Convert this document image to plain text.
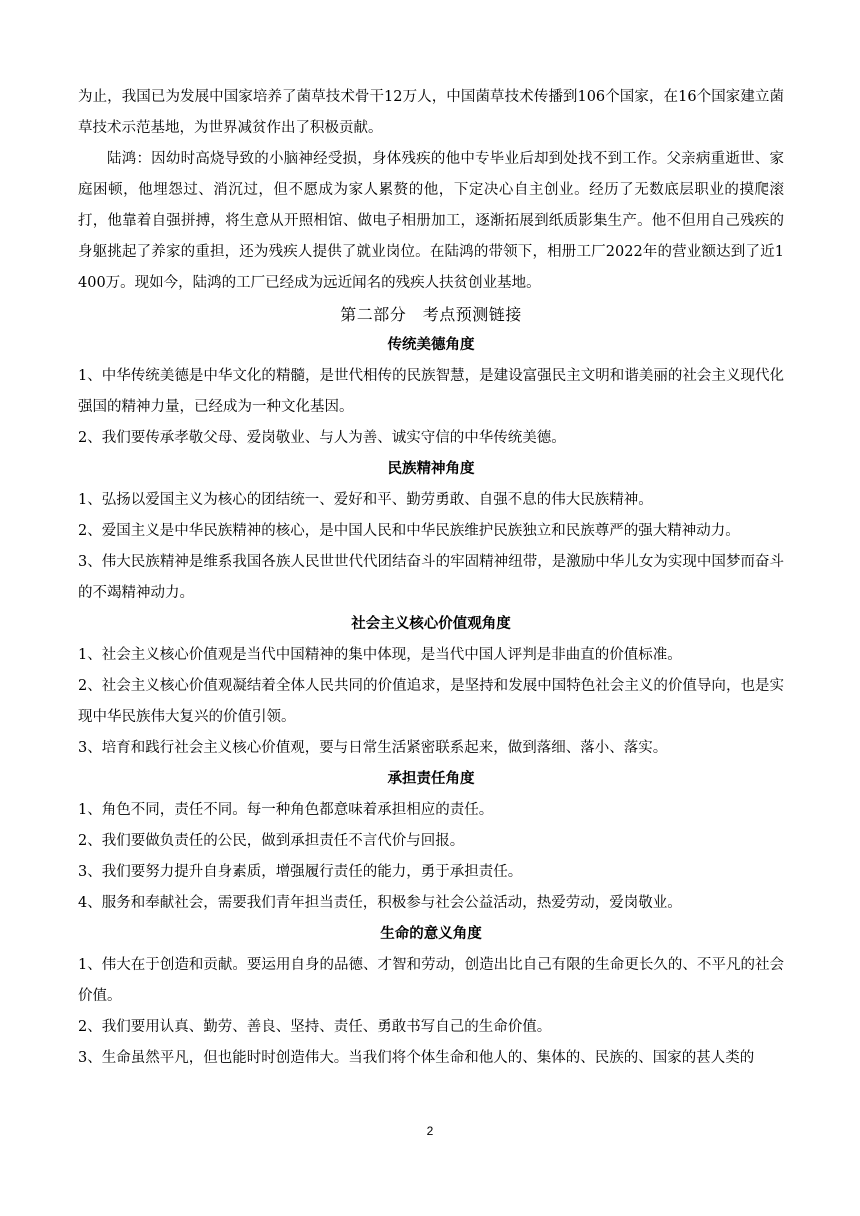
为止，我国已为发展中国家培养了菌草技术骨干12万人，中国菌草技术传播到106个国家，在16个国家建立菌草技术示范基地，为世界减贫作出了积极贡献。

陆鸿：因幼时高烧导致的小脑神经受损，身体残疾的他中专毕业后却到处找不到工作。父亲病重逝世、家庭困顿，他埋怨过、消沉过，但不愿成为家人累赘的他，下定决心自主创业。经历了无数底层职业的摸爬滚打，他靠着自强拼搏，将生意从开照相馆、做电子相册加工，逐渐拓展到纸质影集生产。他不但用自己残疾的身躯挑起了养家的重担，还为残疾人提供了就业岗位。在陆鸿的带领下，相册工厂2022年的营业额达到了近1400万。现如今，陆鸿的工厂已经成为远近闻名的残疾人扶贫创业基地。

第二部分　考点预测链接
传统美德角度

1、中华传统美德是中华文化的精髓，是世代相传的民族智慧，是建设富强民主文明和谐美丽的社会主义现代化强国的精神力量，已经成为一种文化基因。

2、我们要传承孝敬父母、爱岗敬业、与人为善、诚实守信的中华传统美德。

民族精神角度

1、弘扬以爱国主义为核心的团结统一、爱好和平、勤劳勇敢、自强不息的伟大民族精神。

2、爱国主义是中华民族精神的核心，是中国人民和中华民族维护民族独立和民族尊严的强大精神动力。

3、伟大民族精神是维系我国各族人民世世代代团结奋斗的牢固精神纽带，是激励中华儿女为实现中国梦而奋斗的不竭精神动力。

社会主义核心价值观角度

1、社会主义核心价值观是当代中国精神的集中体现，是当代中国人评判是非曲直的价值标准。

2、社会主义核心价值观凝结着全体人民共同的价值追求，是坚持和发展中国特色社会主义的价值导向，也是实现中华民族伟大复兴的价值引领。

3、培育和践行社会主义核心价值观，要与日常生活紧密联系起来，做到落细、落小、落实。

承担责任角度

1、角色不同，责任不同。每一种角色都意味着承担相应的责任。

2、我们要做负责任的公民，做到承担责任不言代价与回报。

3、我们要努力提升自身素质，增强履行责任的能力，勇于承担责任。

4、服务和奉献社会，需要我们青年担当责任，积极参与社会公益活动，热爱劳动，爱岗敬业。

生命的意义角度

1、伟大在于创造和贡献。要运用自身的品德、才智和劳动，创造出比自己有限的生命更长久的、不平凡的社会价值。

2、我们要用认真、勤劳、善良、坚持、责任、勇敢书写自己的生命价值。

3、生命虽然平凡，但也能时时创造伟大。当我们将个体生命和他人的、集体的、民族的、国家的甚人类的

2
